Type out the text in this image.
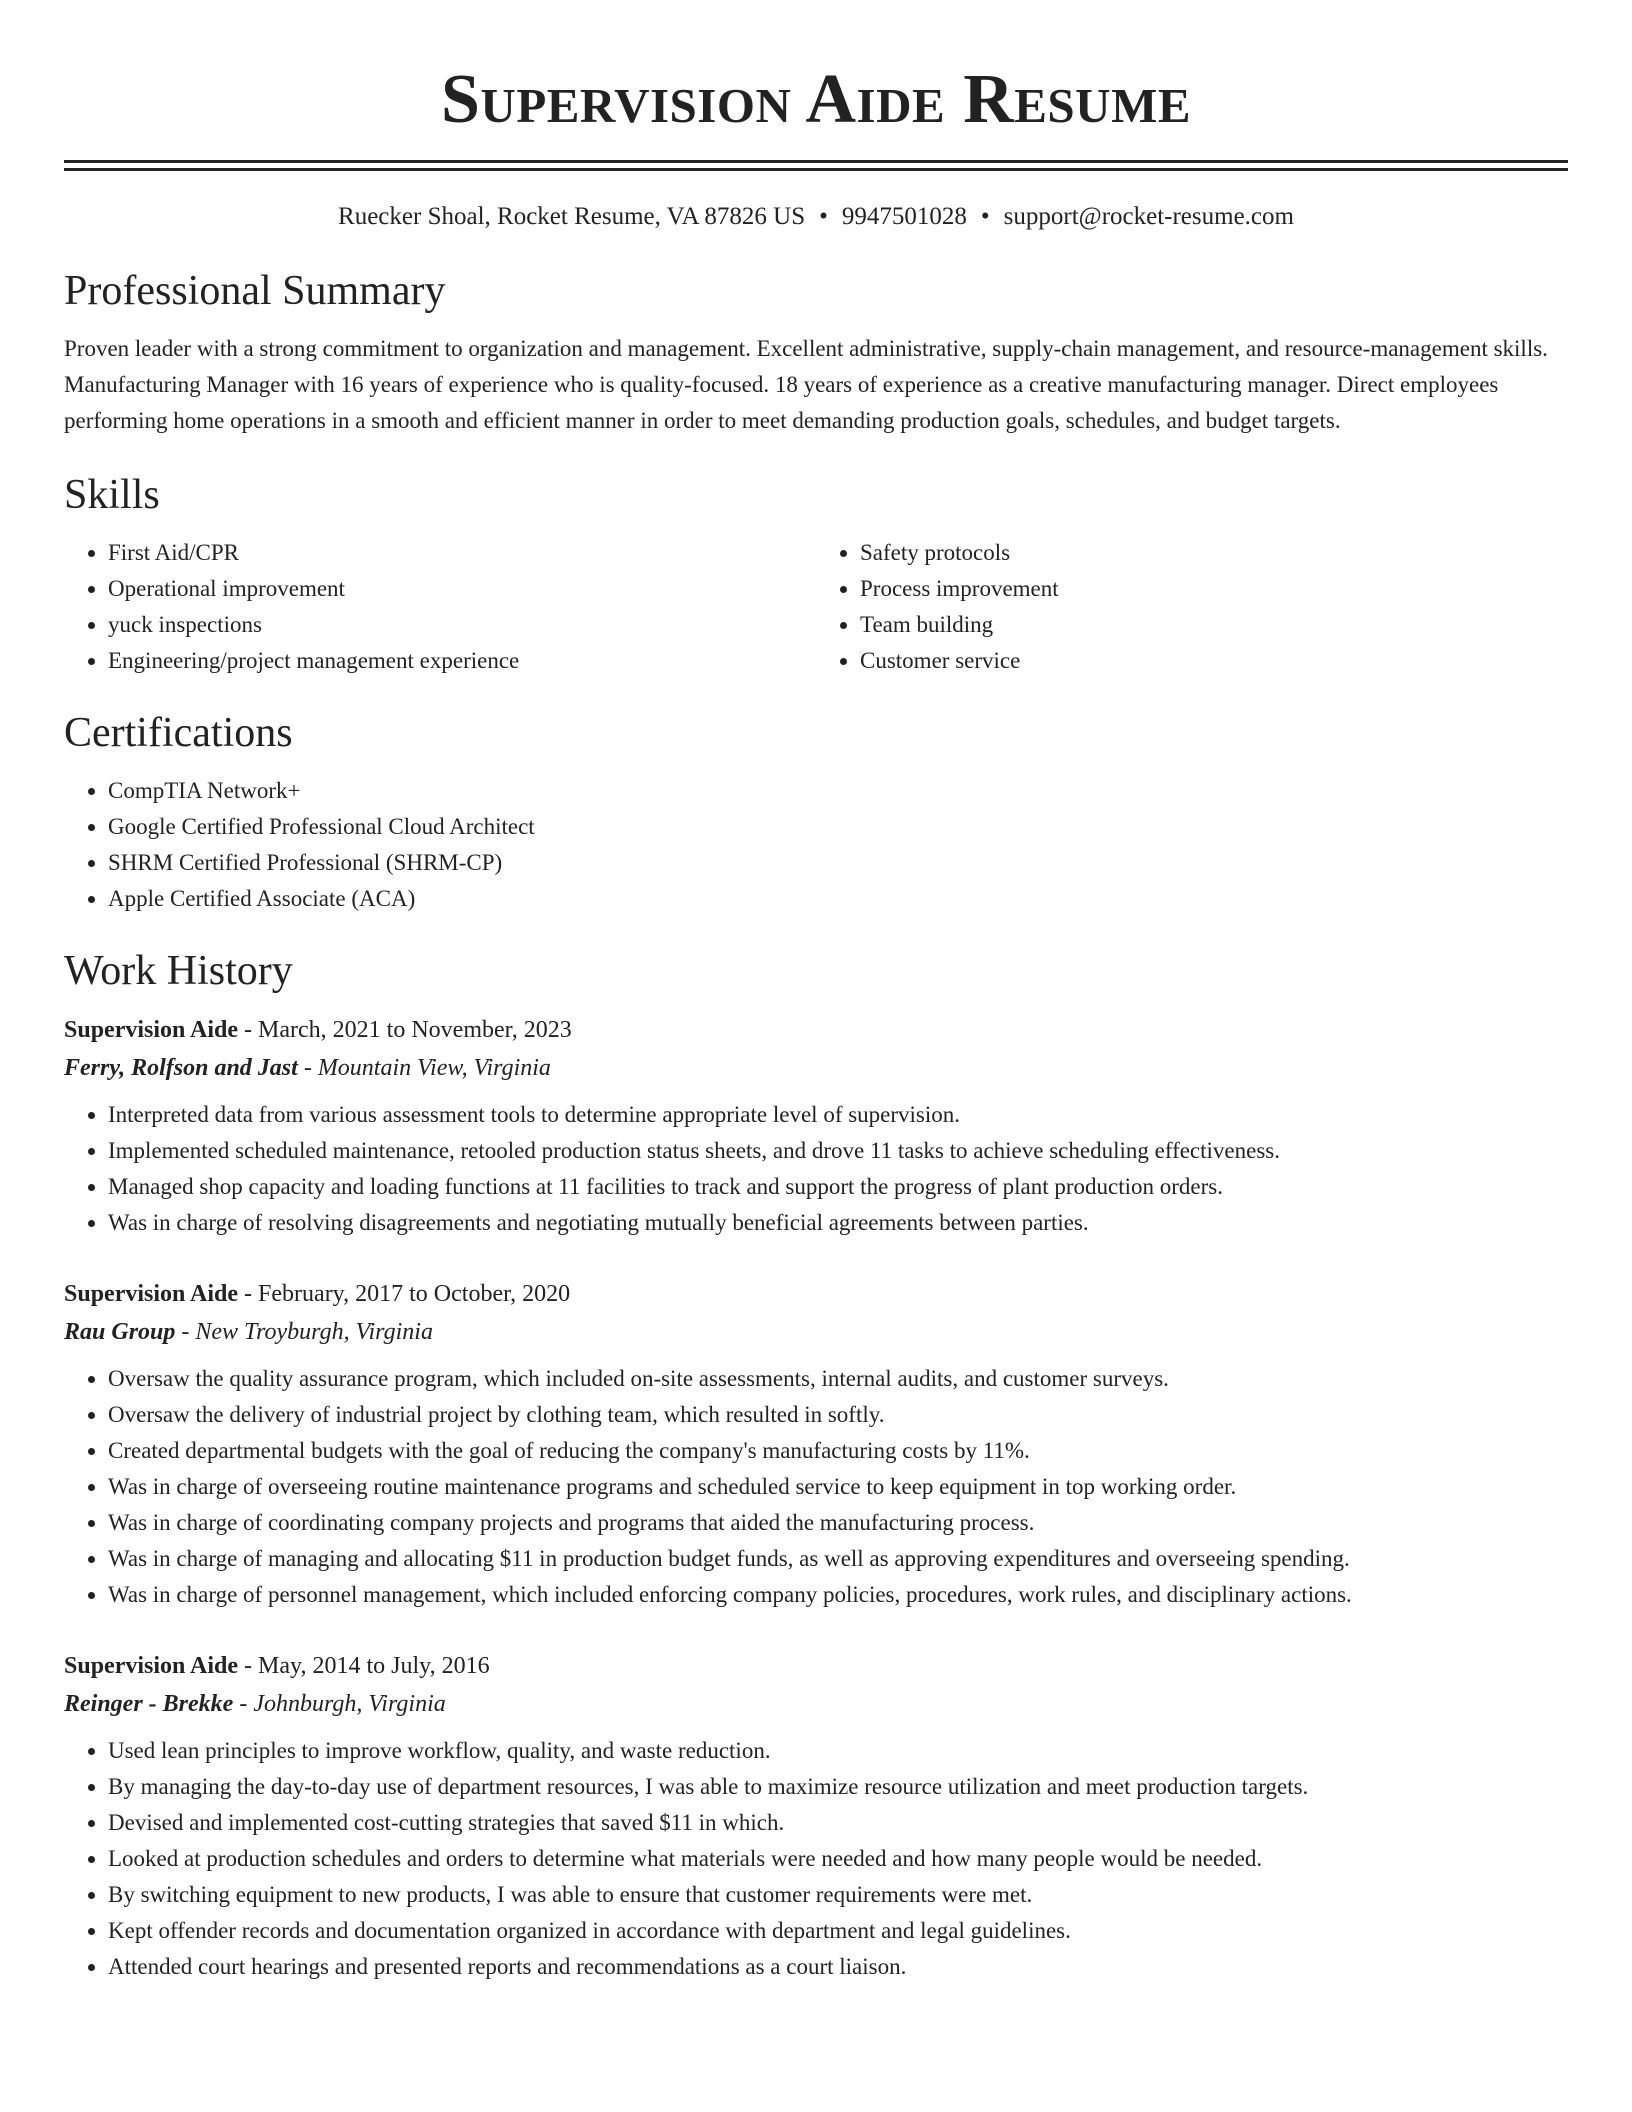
Supervision Aide Resume
Ruecker Shoal, Rocket Resume, VA 87826 US • 9947501028 • support@rocket-resume.com
Professional Summary

Proven leader with a strong commitment to organization and management. Excellent administrative, supply-chain management, and resource-management skills. Manufacturing Manager with 16 years of experience who is quality-focused. 18 years of experience as a creative manufacturing manager. Direct employees performing home operations in a smooth and efficient manner in order to meet demanding production goals, schedules, and budget targets.

Skills
• First Aid/CPR
• Operational improvement
• yuck inspections
• Engineering/project management experience
• Safety protocols
• Process improvement
• Team building
• Customer service
Certifications
• CompTIA Network+
• Google Certified Professional Cloud Architect
• SHRM Certified Professional (SHRM-CP)
• Apple Certified Associate (ACA)
Work History
Supervision Aide - March, 2021 to November, 2023
Ferry, Rolfson and Jast - Mountain View, Virginia
• Interpreted data from various assessment tools to determine appropriate level of supervision.
• Implemented scheduled maintenance, retooled production status sheets, and drove 11 tasks to achieve scheduling effectiveness.
• Managed shop capacity and loading functions at 11 facilities to track and support the progress of plant production orders.
• Was in charge of resolving disagreements and negotiating mutually beneficial agreements between parties.
Supervision Aide - February, 2017 to October, 2020
Rau Group - New Troyburgh, Virginia
• Oversaw the quality assurance program, which included on-site assessments, internal audits, and customer surveys.
• Oversaw the delivery of industrial project by clothing team, which resulted in softly.
• Created departmental budgets with the goal of reducing the company's manufacturing costs by 11%.
• Was in charge of overseeing routine maintenance programs and scheduled service to keep equipment in top working order.
• Was in charge of coordinating company projects and programs that aided the manufacturing process.
• Was in charge of managing and allocating $11 in production budget funds, as well as approving expenditures and overseeing spending.
• Was in charge of personnel management, which included enforcing company policies, procedures, work rules, and disciplinary actions.
Supervision Aide - May, 2014 to July, 2016
Reinger - Brekke - Johnburgh, Virginia
• Used lean principles to improve workflow, quality, and waste reduction.
• By managing the day-to-day use of department resources, I was able to maximize resource utilization and meet production targets.
• Devised and implemented cost-cutting strategies that saved $11 in which.
• Looked at production schedules and orders to determine what materials were needed and how many people would be needed.
• By switching equipment to new products, I was able to ensure that customer requirements were met.
• Kept offender records and documentation organized in accordance with department and legal guidelines.
• Attended court hearings and presented reports and recommendations as a court liaison.
